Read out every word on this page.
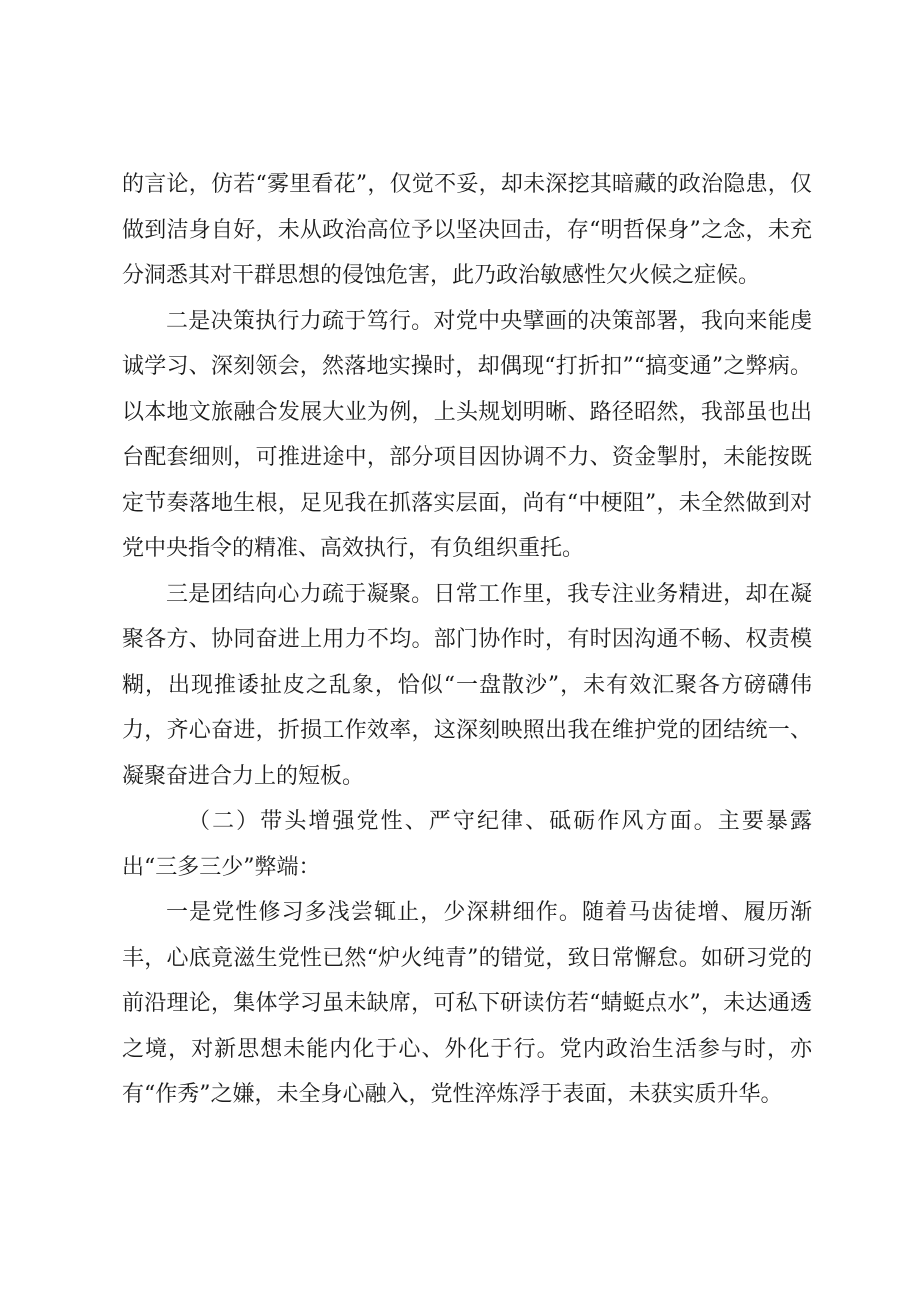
的言论，仿若“雾里看花”，仅觉不妥，却未深挖其暗藏的政治隐患，仅做到洁身自好，未从政治高位予以坚决回击，存“明哲保身”之念，未充分洞悉其对干群思想的侵蚀危害，此乃政治敏感性欠火候之症候。

二是决策执行力疏于笃行。对党中央擘画的决策部署，我向来能虔诚学习、深刻领会，然落地实操时，却偶现“打折扣”“搞变通”之弊病。以本地文旅融合发展大业为例，上头规划明晰、路径昭然，我部虽也出台配套细则，可推进途中，部分项目因协调不力、资金掣肘，未能按既定节奏落地生根，足见我在抓落实层面，尚有“中梗阻”，未全然做到对党中央指令的精准、高效执行，有负组织重托。

三是团结向心力疏于凝聚。日常工作里，我专注业务精进，却在凝聚各方、协同奋进上用力不均。部门协作时，有时因沟通不畅、权责模糊，出现推诿扯皮之乱象，恰似“一盘散沙”，未有效汇聚各方磅礴伟力，齐心奋进，折损工作效率，这深刻映照出我在维护党的团结统一、凝聚奋进合力上的短板。

（二）带头增强党性、严守纪律、砥砺作风方面。主要暴露出“三多三少”弊端：

一是党性修习多浅尝辄止，少深耕细作。随着马齿徒增、履历渐丰，心底竟滋生党性已然“炉火纯青”的错觉，致日常懈怠。如研习党的前沿理论，集体学习虽未缺席，可私下研读仿若“蜻蜓点水”，未达通透之境，对新思想未能内化于心、外化于行。党内政治生活参与时，亦有“作秀”之嫌，未全身心融入，党性淬炼浮于表面，未获实质升华。
